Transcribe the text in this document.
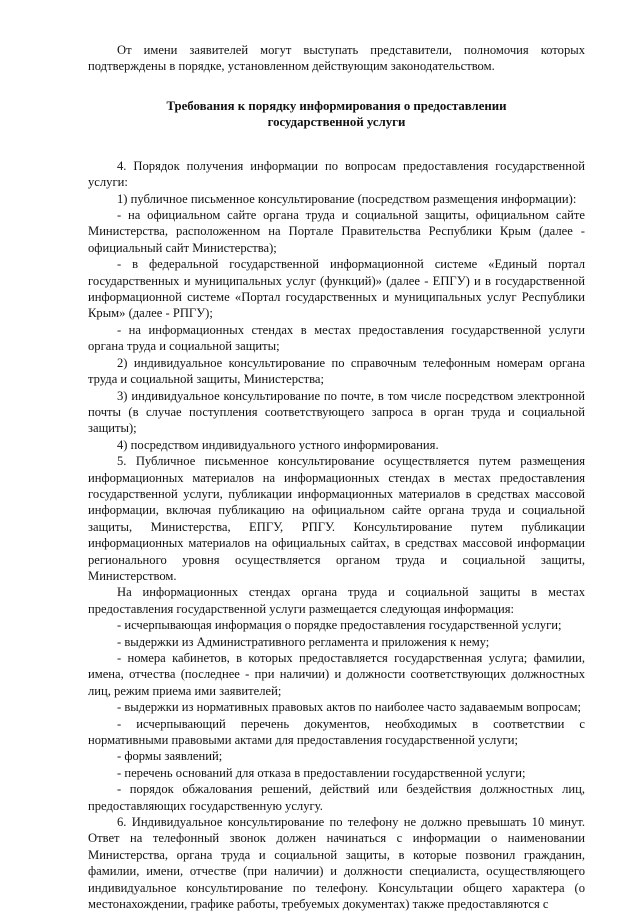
От имени заявителей могут выступать представители, полномочия которых подтверждены в порядке, установленном действующим законодательством.

Требования к порядку информирования о предоставлении
государственной услуги

4. Порядок получения информации по вопросам предоставления государственной услуги:

1) публичное письменное консультирование (посредством размещения информации):

- на официальном сайте органа труда и социальной защиты, официальном сайте Министерства, расположенном на Портале Правительства Республики Крым (далее - официальный сайт Министерства);

- в федеральной государственной информационной системе «Единый портал государственных и муниципальных услуг (функций)» (далее - ЕПГУ) и в государственной информационной системе «Портал государственных и муниципальных услуг Республики Крым» (далее - РПГУ);

- на информационных стендах в местах предоставления государственной услуги органа труда и социальной защиты;

2) индивидуальное консультирование по справочным телефонным номерам органа труда и социальной защиты, Министерства;

3) индивидуальное консультирование по почте, в том числе посредством электронной почты (в случае поступления соответствующего запроса в орган труда и социальной защиты);

4) посредством индивидуального устного информирования.

5. Публичное письменное консультирование осуществляется путем размещения информационных материалов на информационных стендах в местах предоставления государственной услуги, публикации информационных материалов в средствах массовой информации, включая публикацию на официальном сайте органа труда и социальной защиты, Министерства, ЕПГУ, РПГУ. Консультирование путем публикации информационных материалов на официальных сайтах, в средствах массовой информации регионального уровня осуществляется органом труда и социальной защиты, Министерством.

На информационных стендах органа труда и социальной защиты в местах предоставления государственной услуги размещается следующая информация:

- исчерпывающая информация о порядке предоставления государственной услуги;

- выдержки из Административного регламента и приложения к нему;

- номера кабинетов, в которых предоставляется государственная услуга; фамилии, имена, отчества (последнее - при наличии) и должности соответствующих должностных лиц, режим приема ими заявителей;

- выдержки из нормативных правовых актов по наиболее часто задаваемым вопросам;

- исчерпывающий перечень документов, необходимых в соответствии с нормативными правовыми актами для предоставления государственной услуги;

- формы заявлений;

- перечень оснований для отказа в предоставлении государственной услуги;

- порядок обжалования решений, действий или бездействия должностных лиц, предоставляющих государственную услугу.

6. Индивидуальное консультирование по телефону не должно превышать 10 минут. Ответ на телефонный звонок должен начинаться с информации о наименовании Министерства, органа труда и социальной защиты, в которые позвонил гражданин, фамилии, имени, отчестве (при наличии) и должности специалиста, осуществляющего индивидуальное консультирование по телефону. Консультации общего характера (о местонахождении, графике работы, требуемых документах) также предоставляются с
